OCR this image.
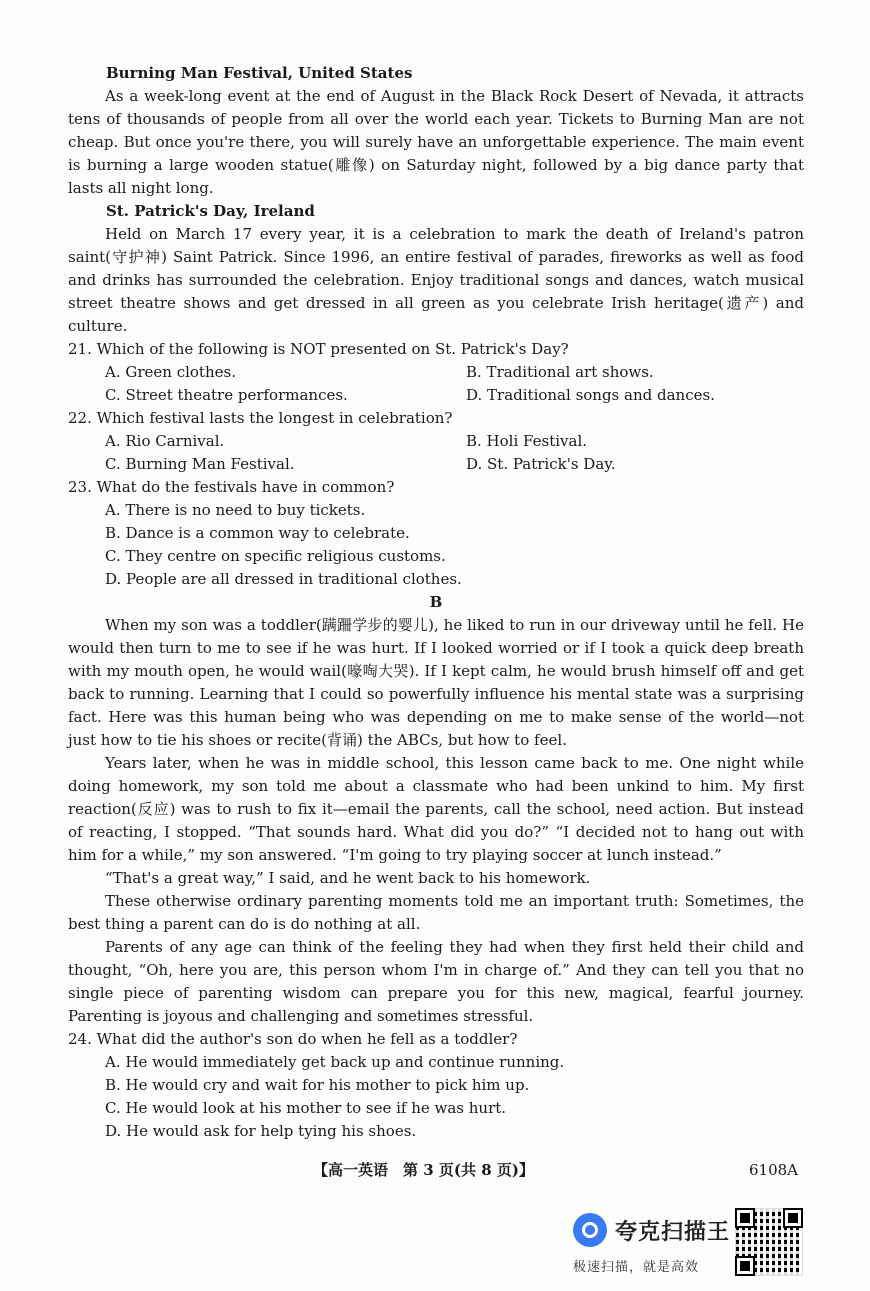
Burning Man Festival, United States

As a week-long event at the end of August in the Black Rock Desert of Nevada, it attracts tens of thousands of people from all over the world each year. Tickets to Burning Man are not cheap. But once you're there, you will surely have an unforgettable experience. The main event is burning a large wooden statue(雕像) on Saturday night, followed by a big dance party that lasts all night long.

St. Patrick's Day, Ireland

Held on March 17 every year, it is a celebration to mark the death of Ireland's patron saint(守护神) Saint Patrick. Since 1996, an entire festival of parades, fireworks as well as food and drinks has surrounded the celebration. Enjoy traditional songs and dances, watch musical street theatre shows and get dressed in all green as you celebrate Irish heritage(遗产) and culture.

21. Which of the following is NOT presented on St. Patrick's Day?
A. Green clothes.	B. Traditional art shows.
C. Street theatre performances.	D. Traditional songs and dances.
22. Which festival lasts the longest in celebration?
A. Rio Carnival.	B. Holi Festival.
C. Burning Man Festival.	D. St. Patrick's Day.
23. What do the festivals have in common?
A. There is no need to buy tickets.
B. Dance is a common way to celebrate.
C. They centre on specific religious customs.
D. People are all dressed in traditional clothes.
B

When my son was a toddler(蹒跚学步的婴儿), he liked to run in our driveway until he fell. He would then turn to me to see if he was hurt. If I looked worried or if I took a quick deep breath with my mouth open, he would wail(嚎啕大哭). If I kept calm, he would brush himself off and get back to running. Learning that I could so powerfully influence his mental state was a surprising fact. Here was this human being who was depending on me to make sense of the world—not just how to tie his shoes or recite(背诵) the ABCs, but how to feel.

Years later, when he was in middle school, this lesson came back to me. One night while doing homework, my son told me about a classmate who had been unkind to him. My first reaction(反应) was to rush to fix it—email the parents, call the school, need action. But instead of reacting, I stopped. “That sounds hard. What did you do?” “I decided not to hang out with him for a while,” my son answered. “I'm going to try playing soccer at lunch instead.”

“That's a great way,” I said, and he went back to his homework.

These otherwise ordinary parenting moments told me an important truth: Sometimes, the best thing a parent can do is do nothing at all.

Parents of any age can think of the feeling they had when they first held their child and thought, “Oh, here you are, this person whom I'm in charge of.” And they can tell you that no single piece of parenting wisdom can prepare you for this new, magical, fearful journey. Parenting is joyous and challenging and sometimes stressful.

24. What did the author's son do when he fell as a toddler?
A. He would immediately get back up and continue running.
B. He would cry and wait for his mother to pick him up.
C. He would look at his mother to see if he was hurt.
D. He would ask for help tying his shoes.
【高一英语　第 3 页(共 8 页)】	6108A
夸克扫描王
极速扫描，就是高效
